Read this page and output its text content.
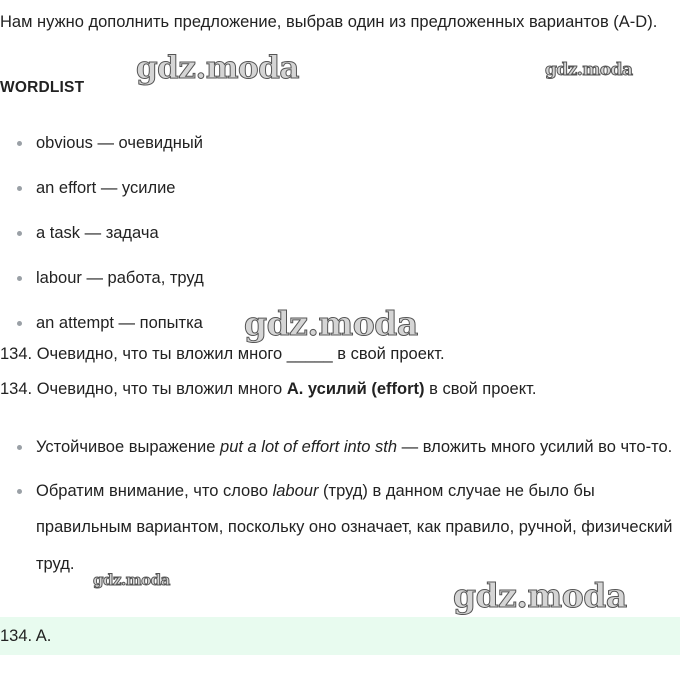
Нам нужно дополнить предложение, выбрав один из предложенных вариантов (A-D).

WORDLIST

obvious — очевидный
an effort — усилие
a task — задача
labour — работа, труд
an attempt — попытка

134. Очевидно, что ты вложил много _____ в свой проект.

134. Очевидно, что ты вложил много A. усилий (effort) в свой проект.

Устойчивое выражение put a lot of effort into sth — вложить много усилий во что-то.
Обратим внимание, что слово labour (труд) в данном случае не было бы правильным вариантом, поскольку оно означает, как правило, ручной, физический труд.
134. A.
gdz.moda	gdz.moda
gdz.moda
gdz.moda	gdz.moda
